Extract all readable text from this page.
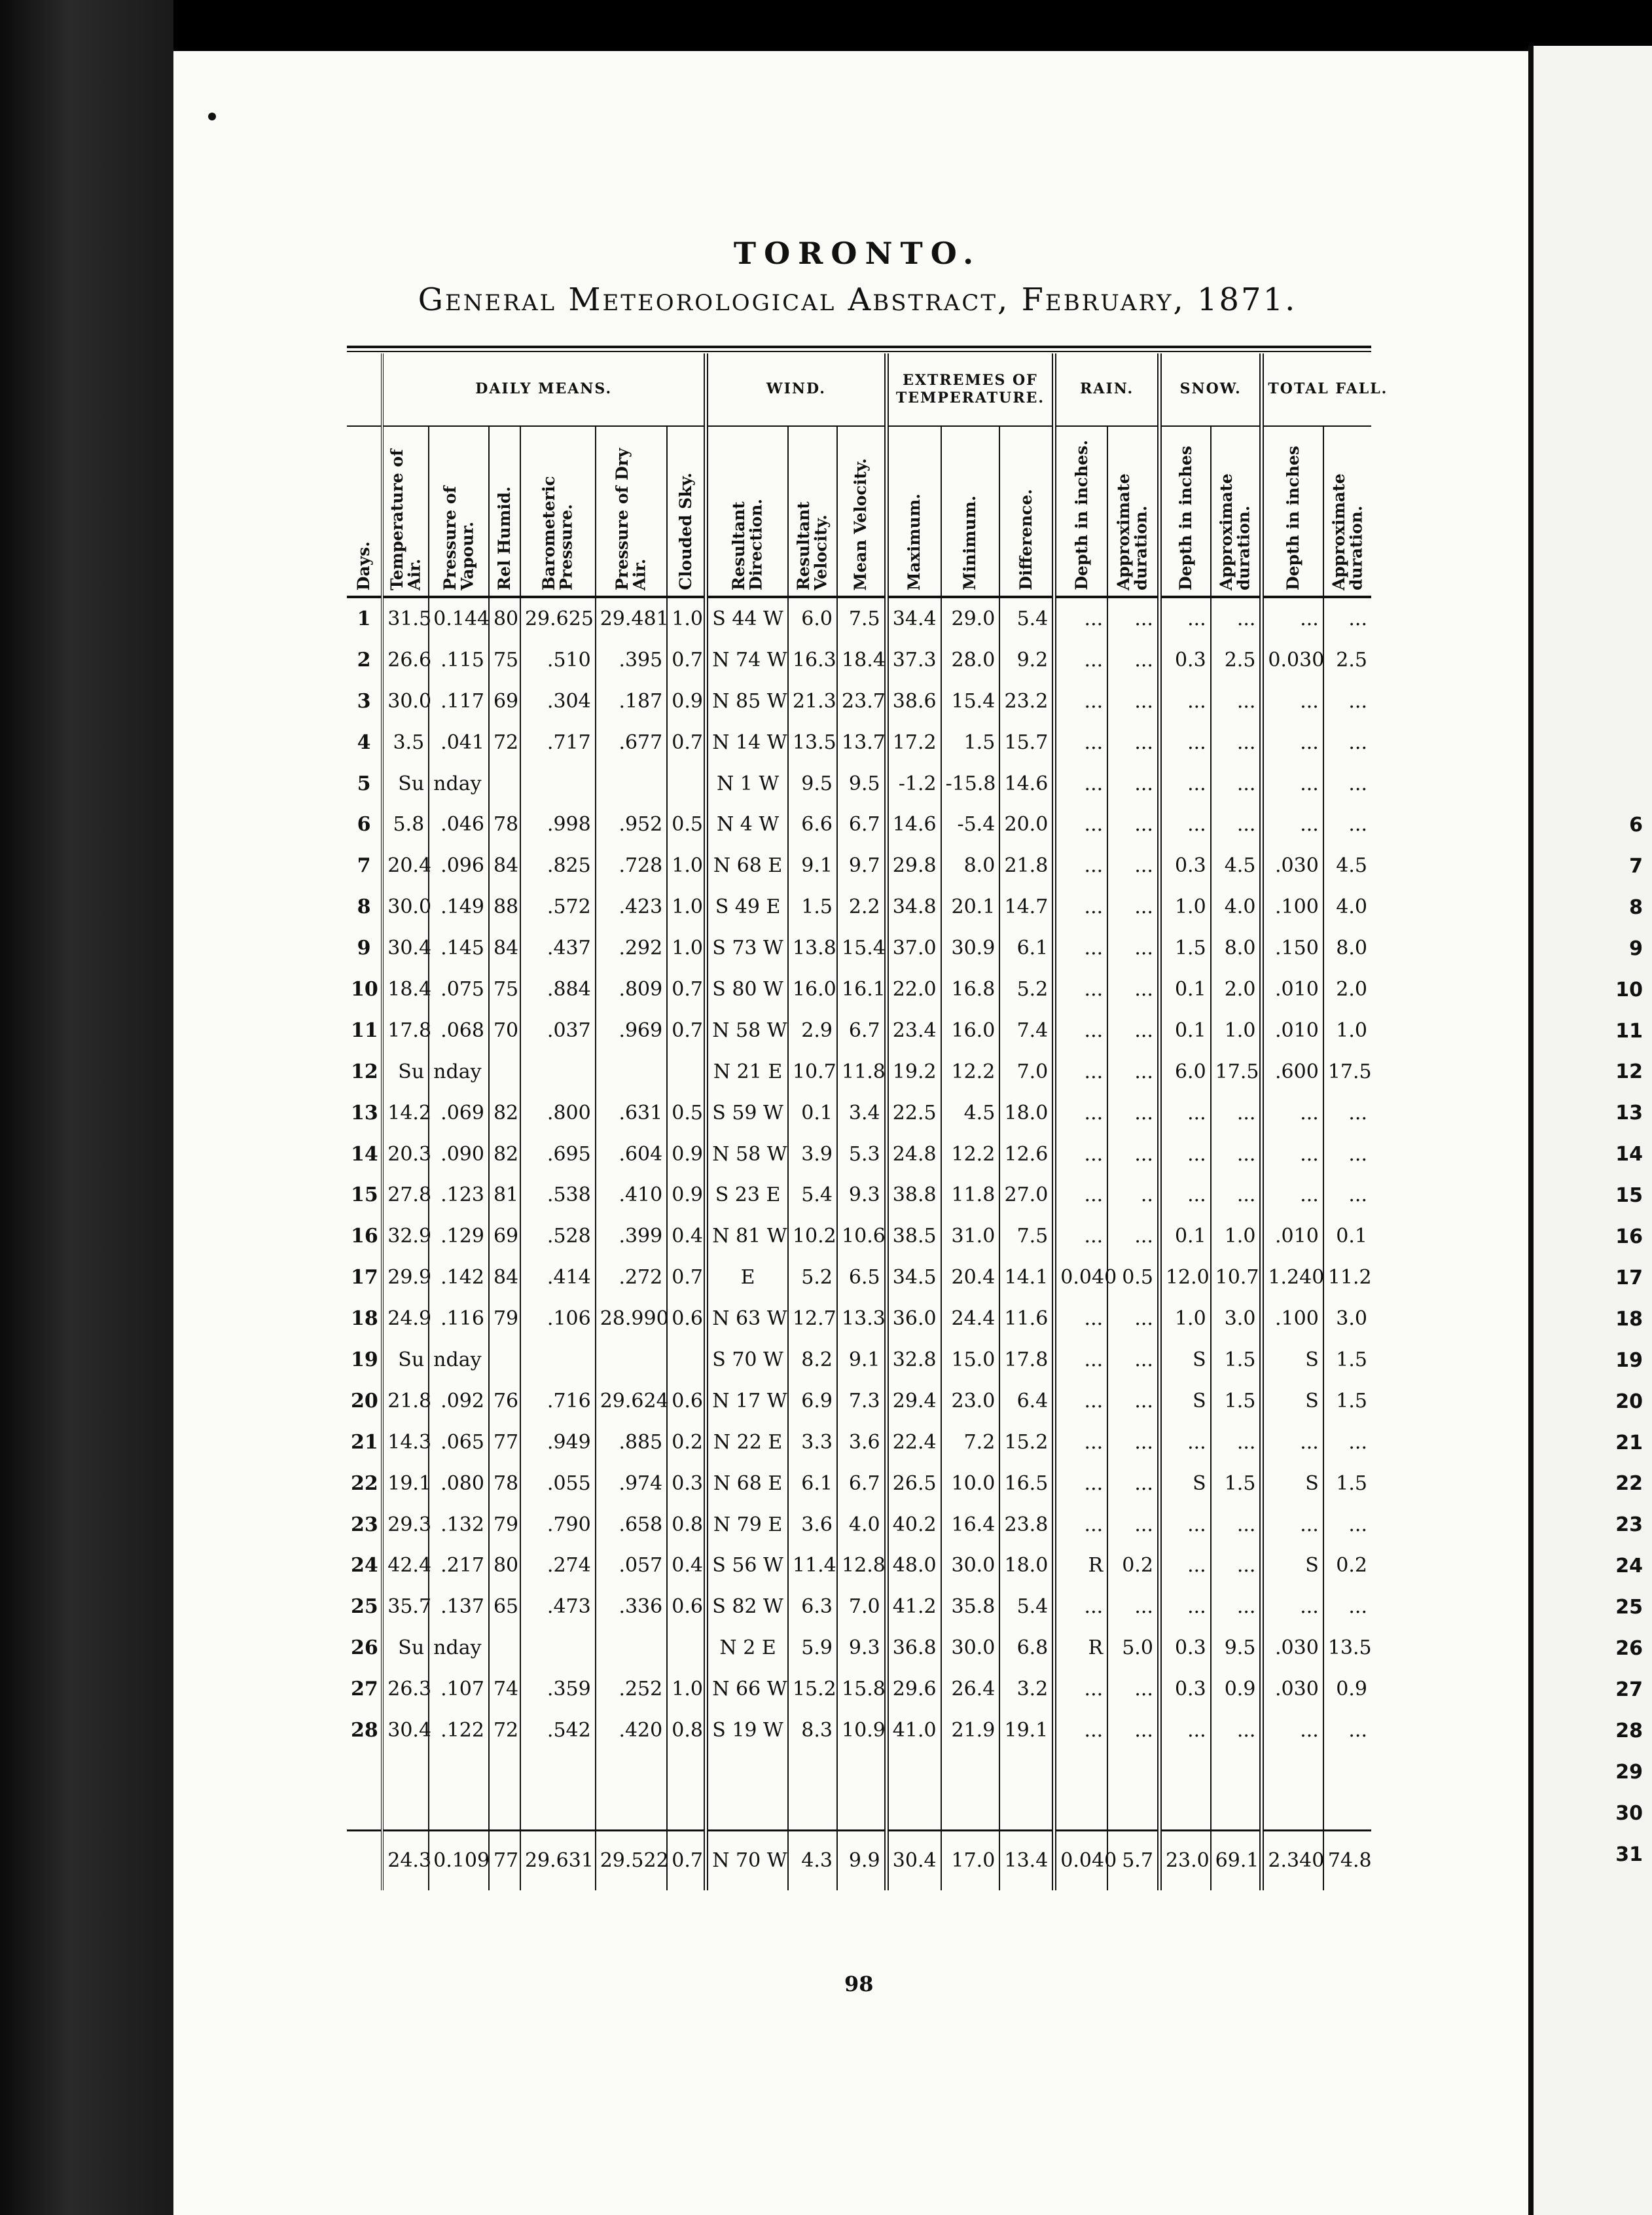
6
7
8
9
10
11
12
13
14
15
16
17
18
19
20
21
22
23
24
25
26
27
28
29
30
31
TORONTO.
General Meteorological Abstract, February, 1871.
	DAILY MEANS.						WIND.			EXTREMES OF TEMPERATURE.			RAIN.		SNOW.		TOTAL FALL.	
Days.	Temperature of Air.	Pressure of Vapour.	Rel Humid.	Barometeric Pressure.	Pressure of Dry Air.	Clouded Sky.	Resultant Direction.	Resultant Velocity.	Mean Velocity.	Maximum.	Minimum.	Difference.	Depth in inches.	Approximate duration.	Depth in inches	Approximate duration.	Depth in inches	Approximate duration.
1	31.5	0.144	80	29.625	29.481	1.0	S 44 W	6.0	7.5	34.4	29.0	5.4	...	...	...	...	...	...
2	26.6	.115	75	.510	.395	0.7	N 74 W	16.3	18.4	37.3	28.0	9.2	...	...	0.3	2.5	0.030	2.5
3	30.0	.117	69	.304	.187	0.9	N 85 W	21.3	23.7	38.6	15.4	23.2	...	...	...	...	...	...
4	3.5	.041	72	.717	.677	0.7	N 14 W	13.5	13.7	17.2	1.5	15.7	...	...	...	...	...	...
5	Su	nday					N 1 W	9.5	9.5	-1.2	-15.8	14.6	...	...	...	...	...	...
6	5.8	.046	78	.998	.952	0.5	N 4 W	6.6	6.7	14.6	-5.4	20.0	...	...	...	...	...	...
7	20.4	.096	84	.825	.728	1.0	N 68 E	9.1	9.7	29.8	8.0	21.8	...	...	0.3	4.5	.030	4.5
8	30.0	.149	88	.572	.423	1.0	S 49 E	1.5	2.2	34.8	20.1	14.7	...	...	1.0	4.0	.100	4.0
9	30.4	.145	84	.437	.292	1.0	S 73 W	13.8	15.4	37.0	30.9	6.1	...	...	1.5	8.0	.150	8.0
10	18.4	.075	75	.884	.809	0.7	S 80 W	16.0	16.1	22.0	16.8	5.2	...	...	0.1	2.0	.010	2.0
11	17.8	.068	70	.037	.969	0.7	N 58 W	2.9	6.7	23.4	16.0	7.4	...	...	0.1	1.0	.010	1.0
12	Su	nday					N 21 E	10.7	11.8	19.2	12.2	7.0	...	...	6.0	17.5	.600	17.5
13	14.2	.069	82	.800	.631	0.5	S 59 W	0.1	3.4	22.5	4.5	18.0	...	...	...	...	...	...
14	20.3	.090	82	.695	.604	0.9	N 58 W	3.9	5.3	24.8	12.2	12.6	...	...	...	...	...	...
15	27.8	.123	81	.538	.410	0.9	S 23 E	5.4	9.3	38.8	11.8	27.0	...	..	...	...	...	...
16	32.9	.129	69	.528	.399	0.4	N 81 W	10.2	10.6	38.5	31.0	7.5	...	...	0.1	1.0	.010	0.1
17	29.9	.142	84	.414	.272	0.7	E	5.2	6.5	34.5	20.4	14.1	0.040	0.5	12.0	10.7	1.240	11.2
18	24.9	.116	79	.106	28.990	0.6	N 63 W	12.7	13.3	36.0	24.4	11.6	...	...	1.0	3.0	.100	3.0
19	Su	nday					S 70 W	8.2	9.1	32.8	15.0	17.8	...	...	S	1.5	S	1.5
20	21.8	.092	76	.716	29.624	0.6	N 17 W	6.9	7.3	29.4	23.0	6.4	...	...	S	1.5	S	1.5
21	14.3	.065	77	.949	.885	0.2	N 22 E	3.3	3.6	22.4	7.2	15.2	...	...	...	...	...	...
22	19.1	.080	78	.055	.974	0.3	N 68 E	6.1	6.7	26.5	10.0	16.5	...	...	S	1.5	S	1.5
23	29.3	.132	79	.790	.658	0.8	N 79 E	3.6	4.0	40.2	16.4	23.8	...	...	...	...	...	...
24	42.4	.217	80	.274	.057	0.4	S 56 W	11.4	12.8	48.0	30.0	18.0	R	0.2	...	...	S	0.2
25	35.7	.137	65	.473	.336	0.6	S 82 W	6.3	7.0	41.2	35.8	5.4	...	...	...	...	...	...
26	Su	nday					N 2 E	5.9	9.3	36.8	30.0	6.8	R	5.0	0.3	9.5	.030	13.5
27	26.3	.107	74	.359	.252	1.0	N 66 W	15.2	15.8	29.6	26.4	3.2	...	...	0.3	0.9	.030	0.9
28	30.4	.122	72	.542	.420	0.8	S 19 W	8.3	10.9	41.0	21.9	19.1	...	...	...	...	...	...

	24.3	0.109	77	29.631	29.522	0.7	N 70 W	4.3	9.9	30.4	17.0	13.4	0.040	5.7	23.0	69.1	2.340	74.8
98
